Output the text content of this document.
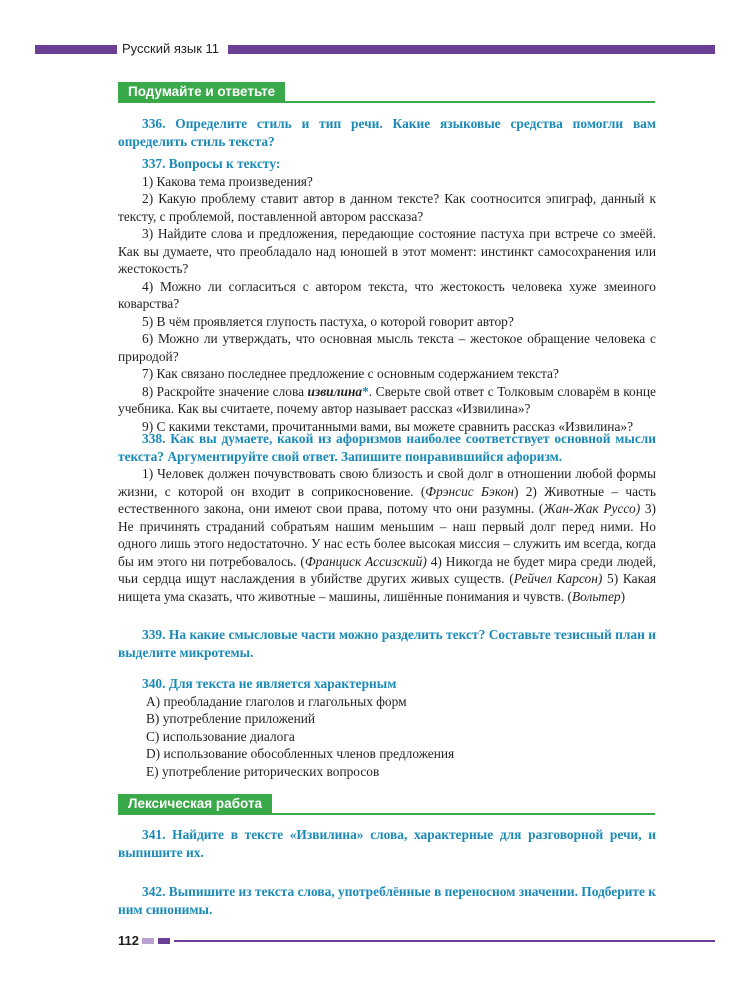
Русский язык 11
Подумайте и ответьте

336. Определите стиль и тип речи. Какие языковые средства помогли вам определить стиль текста?

337. Вопросы к тексту:

1) Какова тема произведения?

2) Какую проблему ставит автор в данном тексте? Как соотносится эпиграф, данный к тексту, с проблемой, поставленной автором рассказа?

3) Найдите слова и предложения, передающие состояние пастуха при встрече со змеёй. Как вы думаете, что преобладало над юношей в этот момент: инстинкт самосохранения или жестокость?

4) Можно ли согласиться с автором текста, что жестокость человека хуже змеиного коварства?

5) В чём проявляется глупость пастуха, о которой говорит автор?

6) Можно ли утверждать, что основная мысль текста – жестокое обращение человека с природой?

7) Как связано последнее предложение с основным содержанием текста?

8) Раскройте значение слова извилина*. Сверьте свой ответ с Толковым словарём в конце учебника. Как вы считаете, почему автор называет рассказ «Извилина»?

9) С какими текстами, прочитанными вами, вы можете сравнить рассказ «Извилина»?

338. Как вы думаете, какой из афоризмов наиболее соответствует основной мысли текста? Аргументируйте свой ответ. Запишите понравившийся афоризм.

1) Человек должен почувствовать свою близость и свой долг в отношении любой формы жизни, с которой он входит в соприкосновение. (Фрэнсис Бэкон) 2) Животные – часть естественного закона, они имеют свои права, потому что они разумны. (Жан-Жак Руссо) 3) Не причинять страданий собратьям нашим меньшим – наш первый долг перед ними. Но одного лишь этого недостаточно. У нас есть более высокая миссия – служить им всегда, когда бы им этого ни потребовалось. (Франциск Ассизский) 4) Никогда не будет мира среди людей, чьи сердца ищут наслаждения в убийстве других живых существ. (Рейчел Карсон) 5) Какая нищета ума сказать, что животные – машины, лишённые понимания и чувств. (Вольтер)

339. На какие смысловые части можно разделить текст? Составьте тезисный план и выделите микротемы.

340. Для текста не является характерным

A) преобладание глаголов и глагольных форм

B) употребление приложений

C) использование диалога

D) использование обособленных членов предложения

E) употребление риторических вопросов

Лексическая работа

341. Найдите в тексте «Извилина» слова, характерные для разговорной речи, и выпишите их.

342. Выпишите из текста слова, употреблённые в переносном значении. Подберите к ним синонимы.

112
